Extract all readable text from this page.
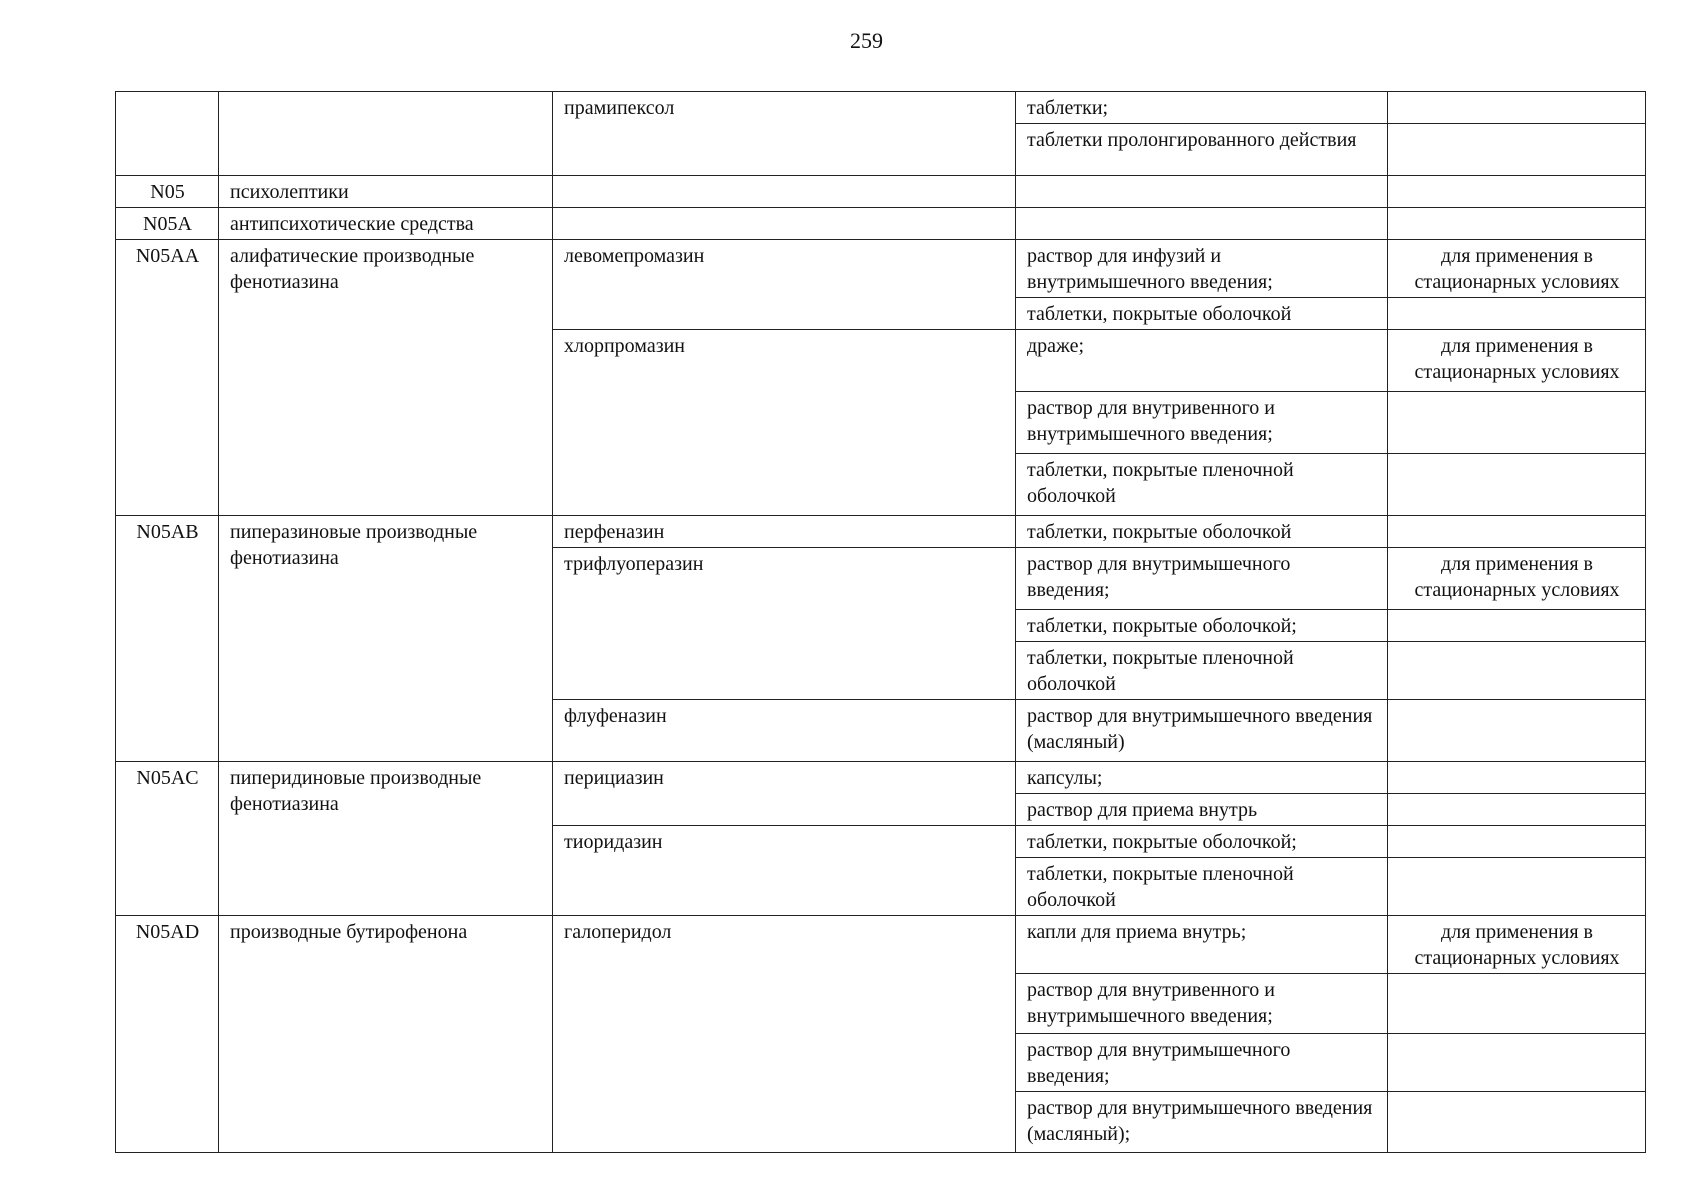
259
		прамипексол	таблетки;	
			таблетки пролонгированного действия	
N05	психолептики			
N05A	антипсихотические средства			
N05AA	алифатические производные фенотиазина	левомепромазин	раствор для инфузий и внутримышечного введения;	для применения в стационарных условиях
			таблетки, покрытые оболочкой	
		хлорпромазин	драже;	для применения в стационарных условиях
			раствор для внутривенного и внутримышечного введения;	
			таблетки, покрытые пленочной оболочкой	
N05AB	пиперазиновые производные фенотиазина	перфеназин	таблетки, покрытые оболочкой	
		трифлуоперазин	раствор для внутримышечного введения;	для применения в стационарных условиях
			таблетки, покрытые оболочкой;	
			таблетки, покрытые пленочной оболочкой	
		флуфеназин	раствор для внутримышечного введения (масляный)	
N05AC	пиперидиновые производные фенотиазина	перициазин	капсулы;	
			раствор для приема внутрь	
		тиоридазин	таблетки, покрытые оболочкой;	
			таблетки, покрытые пленочной оболочкой	
N05AD	производные бутирофенона	галоперидол	капли для приема внутрь;	для применения в стационарных условиях
			раствор для внутривенного и внутримышечного введения;	
			раствор для внутримышечного введения;	
			раствор для внутримышечного введения (масляный);	
